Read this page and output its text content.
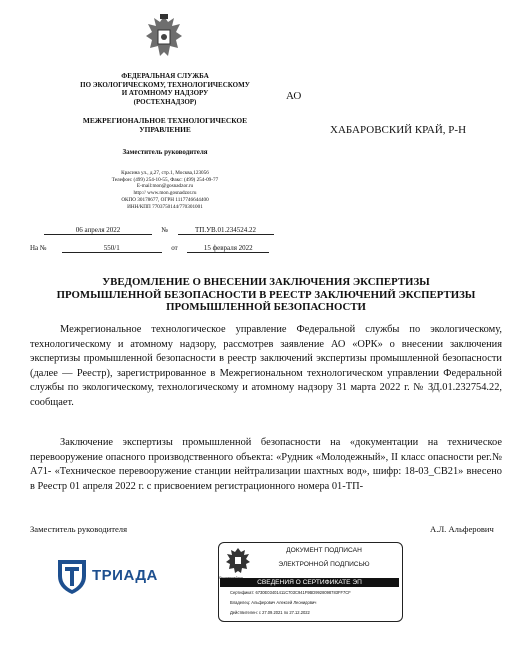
ФЕДЕРАЛЬНАЯ СЛУЖБА
ПО ЭКОЛОГИЧЕСКОМУ, ТЕХНОЛОГИЧЕСКОМУ
И АТОМНОМУ НАДЗОРУ
(РОСТЕХНАДЗОР)
МЕЖРЕГИОНАЛЬНОЕ ТЕХНОЛОГИЧЕСКОЕ
УПРАВЛЕНИЕ
Заместитель руководителя
Красина ул., д.27, стр.1, Москва,123056
Телефон: (499) 254-10-55, Факс: (499) 254-09-77
E-mail:mon@gosnadzor.ru
http:// www.mon.gosnadzor.ru
ОКПО 30178677, ОГРН 1117746644400
ИНН/КПП 7703750144/770301001
АО
ХАБАРОВСКИЙ КРАЙ, Р-Н
06 апреля 2022	№	ТП.УВ.01.234524.22
На №	550/1	от	15 февраля 2022
УВЕДОМЛЕНИЕ О ВНЕСЕНИИ ЗАКЛЮЧЕНИЯ ЭКСПЕРТИЗЫ
ПРОМЫШЛЕННОЙ БЕЗОПАСНОСТИ В РЕЕСТР ЗАКЛЮЧЕНИЙ ЭКСПЕРТИЗЫ
ПРОМЫШЛЕННОЙ БЕЗОПАСНОСТИ

Межрегиональное технологическое управление Федеральной службы по экологическому, технологическому и атомному надзору, рассмотрев заявление АО «ОРК» о внесении заключения экспертизы промышленной безопасности в реестр заключений экспертизы промышленной безопасности (далее — Реестр), зарегистрированное в Межрегиональном технологическом управлении Федеральной службы по экологическому, технологическому и атомному надзору 31 марта 2022 г. № ЗД.01.232754.22, сообщает.

Заключение экспертизы промышленной безопасности на «документации на техническое перевооружение опасного производственного объекта: «Рудник «Молодежный», II класс опасности рег.№ А71- «Техническое перевооружение станции нейтрализации шахтных вод», шифр: 18-03_СВ21» внесено в Реестр 01 апреля 2022 г. с присвоением регистрационного номера 01-ТП-

Заместитель руководителя	А.Л. Альферович
ТРИАДА
ДОКУМЕНТ ПОДПИСАН
ЭЛЕКТРОННОЙ ПОДПИСЬЮ
СВЕДЕНИЯ О СЕРТИФИКАТЕ ЭП
Сертификат: 6730E03401411C703C941F9BD9928098783FF7CF
Владелец: Альферович Алексей Леонидович
Действителен: с 27.09.2021 по 27.12.2022
